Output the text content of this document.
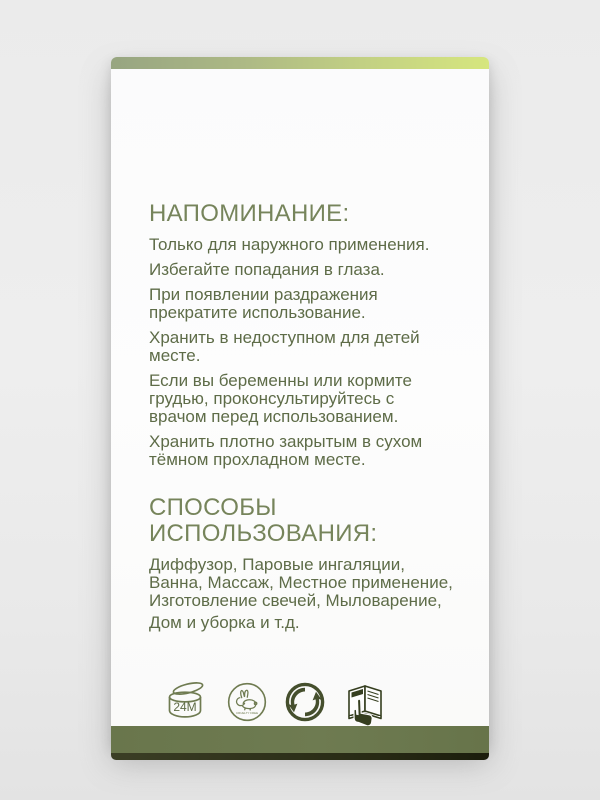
НАПОМИНАНИЕ:

Только для наружного применения.

Избегайте попадания в глаза.

При появлении раздражения прекратите использование.

Хранить в недоступном для детей месте.

Если вы беременны или кормите грудью, проконсультируйтесь с врачом перед использованием.

Хранить плотно закрытым в сухом тёмном прохладном месте.

СПОСОБЫ ИСПОЛЬЗОВАНИЯ:
Диффузор, Паровые ингаляции,
Ванна, Массаж, Местное применение,
Изготовление свечей, Мыловарение,
Дом и уборка и т.д.
24M	CRUELTY FREE
